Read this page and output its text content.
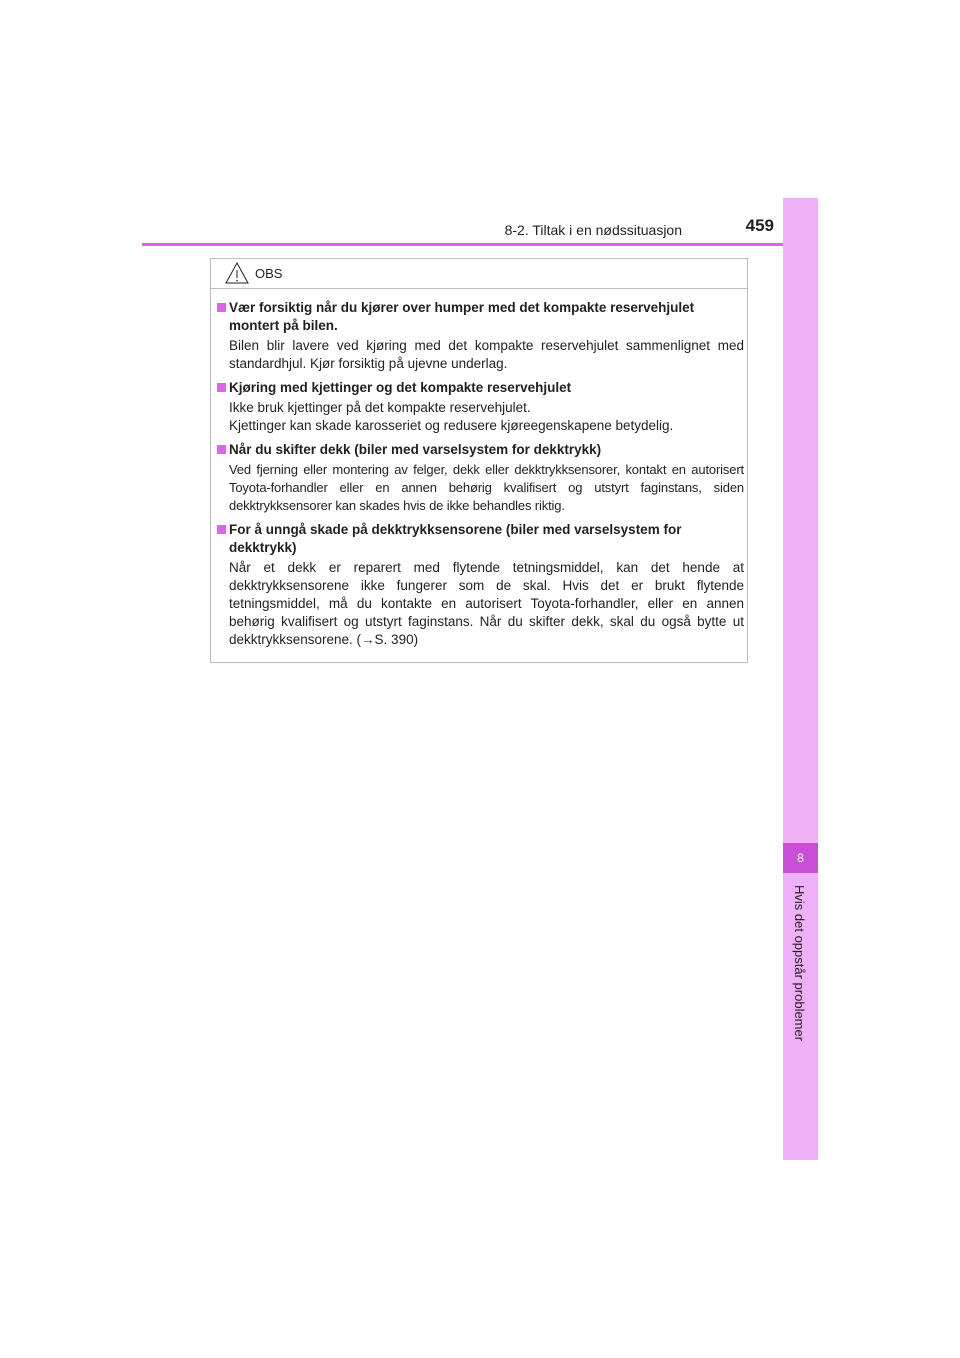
8-2. Tiltak i en nødssituasjon	459
8
Hvis det oppstår problemer
OBS
Vær forsiktig når du kjører over humper med det kompakte reservehjulet montert på bilen.

Bilen blir lavere ved kjøring med det kompakte reservehjulet sammenlignet med standardhjul. Kjør forsiktig på ujevne underlag.

Kjøring med kjettinger og det kompakte reservehjulet

Ikke bruk kjettinger på det kompakte reservehjulet.

Kjettinger kan skade karosseriet og redusere kjøreegenskapene betydelig.

Når du skifter dekk (biler med varselsystem for dekktrykk)

Ved fjerning eller montering av felger, dekk eller dekktrykksensorer, kontakt en autorisert Toyota-forhandler eller en annen behørig kvalifisert og utstyrt faginstans, siden dekktrykksensorer kan skades hvis de ikke behandles riktig.

For å unngå skade på dekktrykksensorene (biler med varselsystem for dekktrykk)

Når et dekk er reparert med flytende tetningsmiddel, kan det hende at dekktrykksensorene ikke fungerer som de skal. Hvis det er brukt flytende tetningsmiddel, må du kontakte en autorisert Toyota-forhandler, eller en annen behørig kvalifisert og utstyrt faginstans. Når du skifter dekk, skal du også bytte ut dekktrykksensorene. (→S. 390)
